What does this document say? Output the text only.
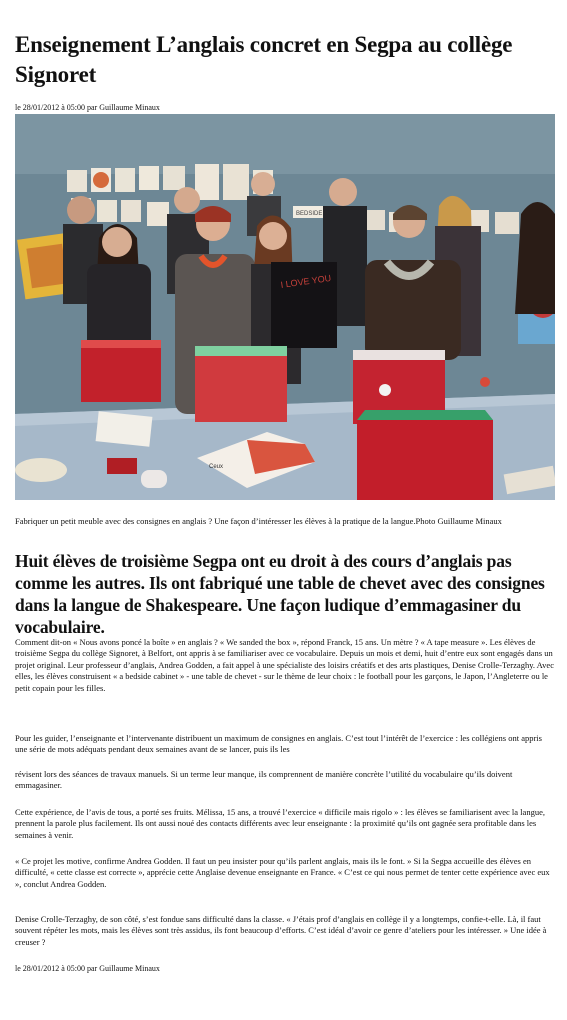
Enseignement L’anglais concret en Segpa au collège Signoret
le 28/01/2012 à 05:00 par Guillaume Minaux
BEDSIDE
I LOVE YOU
Ceux
Fabriquer un petit meuble avec des consignes en anglais ? Une façon d’intéresser les élèves à la pratique de la langue.Photo Guillaume Minaux
Huit élèves de troisième Segpa ont eu droit à des cours d’anglais pas comme les autres. Ils ont fabriqué une table de chevet avec des consignes dans la langue de Shakespeare. Une façon ludique d’emmagasiner du vocabulaire.

Comment dit-on « Nous avons poncé la boîte » en anglais ? « We sanded the box », répond Franck, 15 ans. Un mètre ? « A tape measure ». Les élèves de troisième Segpa du collège Signoret, à Belfort, ont appris à se familiariser avec ce vocabulaire. Depuis un mois et demi, huit d’entre eux sont engagés dans un projet original. Leur professeur d’anglais, Andrea Godden, a fait appel à une spécialiste des loisirs créatifs et des arts plastiques, Denise Crolle-Terzaghy. Avec elles, les élèves construisent « a bedside cabinet » - une table de chevet - sur le thème de leur choix : le football pour les garçons, le Japon, l’Angleterre ou le petit copain pour les filles.

Pour les guider, l’enseignante et l’intervenante distribuent un maximum de consignes en anglais. C’est tout l’intérêt de l’exercice : les collégiens ont appris une série de mots adéquats pendant deux semaines avant de se lancer, puis ils les

révisent lors des séances de travaux manuels. Si un terme leur manque, ils comprennent de manière concrète l’utilité du vocabulaire qu’ils doivent emmagasiner.

Cette expérience, de l’avis de tous, a porté ses fruits. Mélissa, 15 ans, a trouvé l’exercice « difficile mais rigolo » : les élèves se familiarisent avec la langue, prennent la parole plus facilement. Ils ont aussi noué des contacts différents avec leur enseignante : la proximité qu’ils ont gagnée sera profitable dans les semaines à venir.

« Ce projet les motive, confirme Andrea Godden. Il faut un peu insister pour qu’ils parlent anglais, mais ils le font. » Si la Segpa accueille des élèves en difficulté, « cette classe est correcte », apprécie cette Anglaise devenue enseignante en France. « C’est ce qui nous permet de tenter cette expérience avec eux », conclut Andrea Godden.

Denise Crolle-Terzaghy, de son côté, s’est fondue sans difficulté dans la classe. « J’étais prof d’anglais en collège il y a longtemps, confie-t-elle. Là, il faut souvent répéter les mots, mais les élèves sont très assidus, ils font beaucoup d’efforts. C’est idéal d’avoir ce genre d’ateliers pour les intéresser. » Une idée à creuser ?

le 28/01/2012 à 05:00 par Guillaume Minaux
